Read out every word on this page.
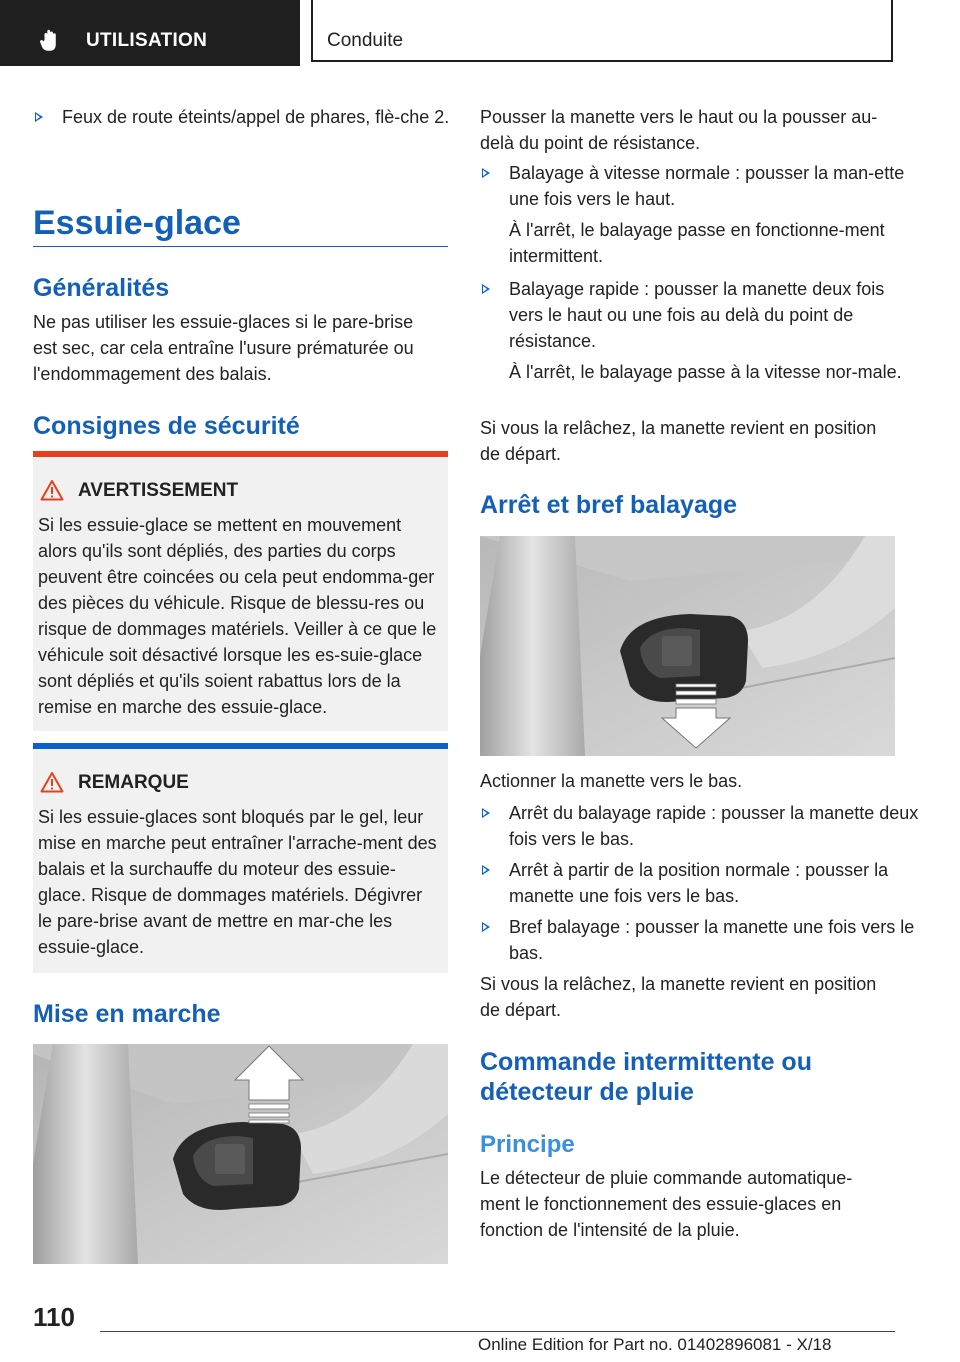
UTILISATION	Conduite
Feux de route éteints/appel de phares, flè-che 2.
Essuie-glace
Généralités

Ne pas utiliser les essuie-glaces si le pare-brise est sec, car cela entraîne l'usure prématurée ou l'endommagement des balais.

Consignes de sécurité
AVERTISSEMENT
Si les essuie-glace se mettent en mouvement alors qu'ils sont dépliés, des parties du corps peuvent être coincées ou cela peut endomma-ger des pièces du véhicule. Risque de blessu-res ou risque de dommages matériels. Veiller à ce que le véhicule soit désactivé lorsque les es-suie-glace sont dépliés et qu'ils soient rabattus lors de la remise en marche des essuie-glace.
REMARQUE
Si les essuie-glaces sont bloqués par le gel, leur mise en marche peut entraîner l'arrache-ment des balais et la surchauffe du moteur des essuie-glace. Risque de dommages matériels. Dégivrer le pare-brise avant de mettre en mar-che les essuie-glace.
Mise en marche

Pousser la manette vers le haut ou la pousser au-delà du point de résistance.

Balayage à vitesse normale : pousser la man-ette une fois vers le haut.
À l'arrêt, le balayage passe en fonctionne-ment intermittent.
Balayage rapide : pousser la manette deux fois vers le haut ou une fois au delà du point de résistance.
À l'arrêt, le balayage passe à la vitesse nor-male.

Si vous la relâchez, la manette revient en position de départ.

Arrêt et bref balayage

Actionner la manette vers le bas.

Arrêt du balayage rapide : pousser la manette deux fois vers le bas.
Arrêt à partir de la position normale : pousser la manette une fois vers le bas.
Bref balayage : pousser la manette une fois vers le bas.

Si vous la relâchez, la manette revient en position de départ.

Commande intermittente ou détecteur de pluie
Principe

Le détecteur de pluie commande automatique-ment le fonctionnement des essuie-glaces en fonction de l'intensité de la pluie.

110
Online Edition for Part no. 01402896081 - X/18
